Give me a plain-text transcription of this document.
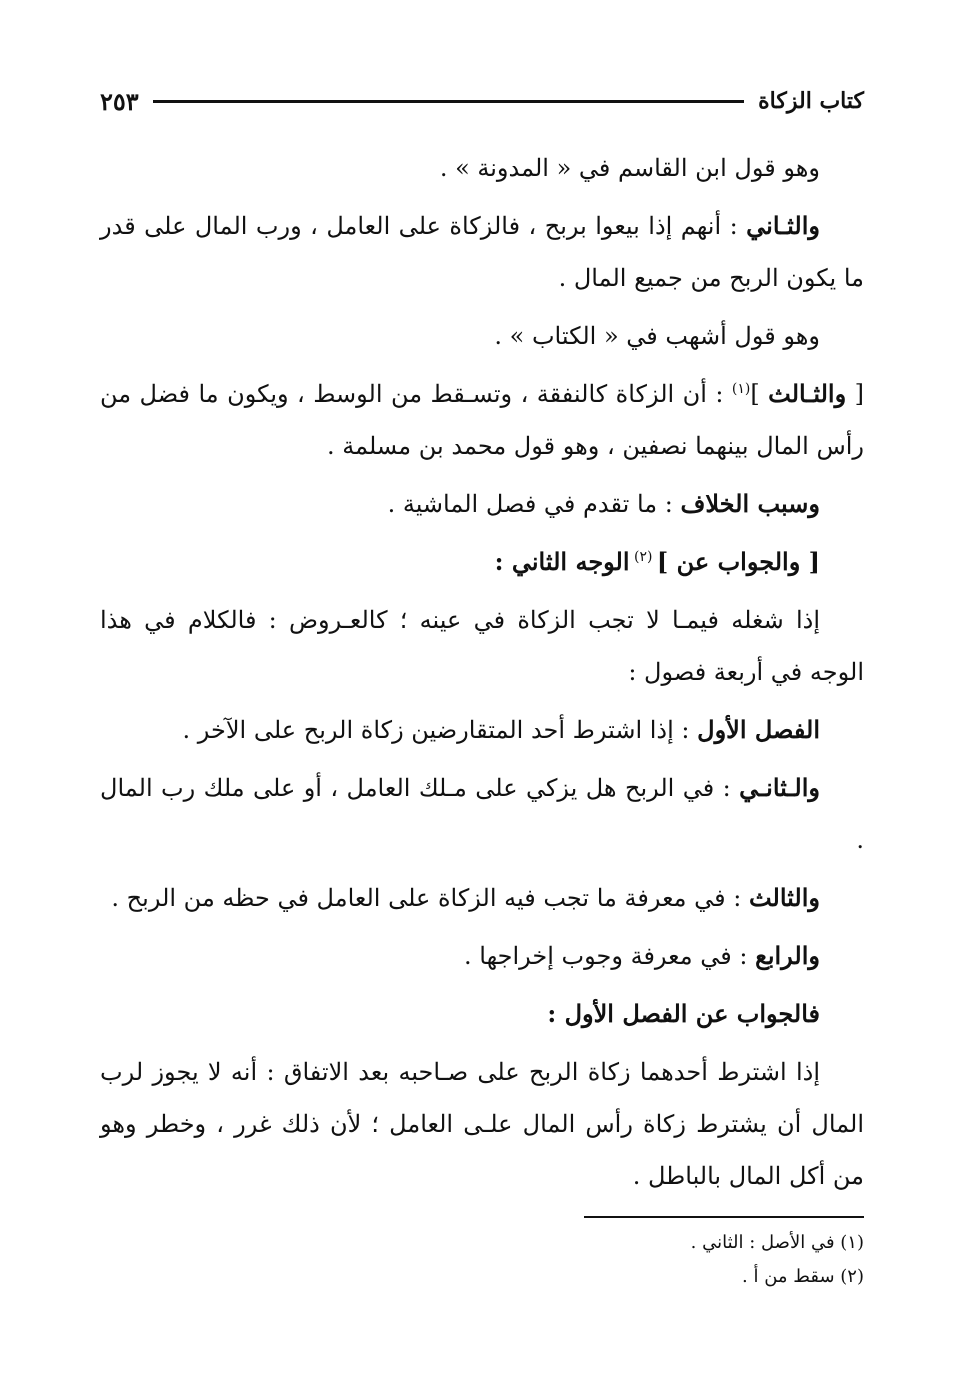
كتاب الزكاة
٢٥٣

وهو قول ابن القاسم في « المدونة » .

والثـاني : أنهم إذا بيعوا بربح ، فالزكاة على العامل ، ورب المال على قدر ما يكون الربح من جميع المال .

وهو قول أشهب في « الكتاب » .

[ والثـالث ]$^{(١)}$ : أن الزكاة كالنفقة ، وتسـقط من الوسط ، ويكون ما فضل من رأس المال بينهما نصفين ، وهو قول محمد بن مسلمة .

وسبب الخلاف : ما تقدم في فصل الماشية .

[ والجواب عن ] $^{(٢)}$ الوجه الثاني :

إذا شغله فيمـا لا تجب الزكاة في عينه ؛ كالعـروض : فالكلام في هذا الوجه في أربعة فصول :

الفصل الأول : إذا اشترط أحد المتقارضين زكاة الربح على الآخر .

والـثانـي : في الربح هل يزكي على مـلك العامل ، أو على ملك رب المال .

والثالث : في معرفة ما تجب فيه الزكاة على العامل في حظه من الربح .

والرابع : في معرفة وجوب إخراجها .

فالجواب عن الفصل الأول :

إذا اشترط أحدهما زكاة الربح على صـاحبه بعد الاتفاق : أنه لا يجوز لرب المال أن يشترط زكاة رأس المال علـى العامل ؛ لأن ذلك غرر ، وخطر وهو من أكل المال بالباطل .

(١) في الأصل : الثاني .

(٢) سقط من أ .
